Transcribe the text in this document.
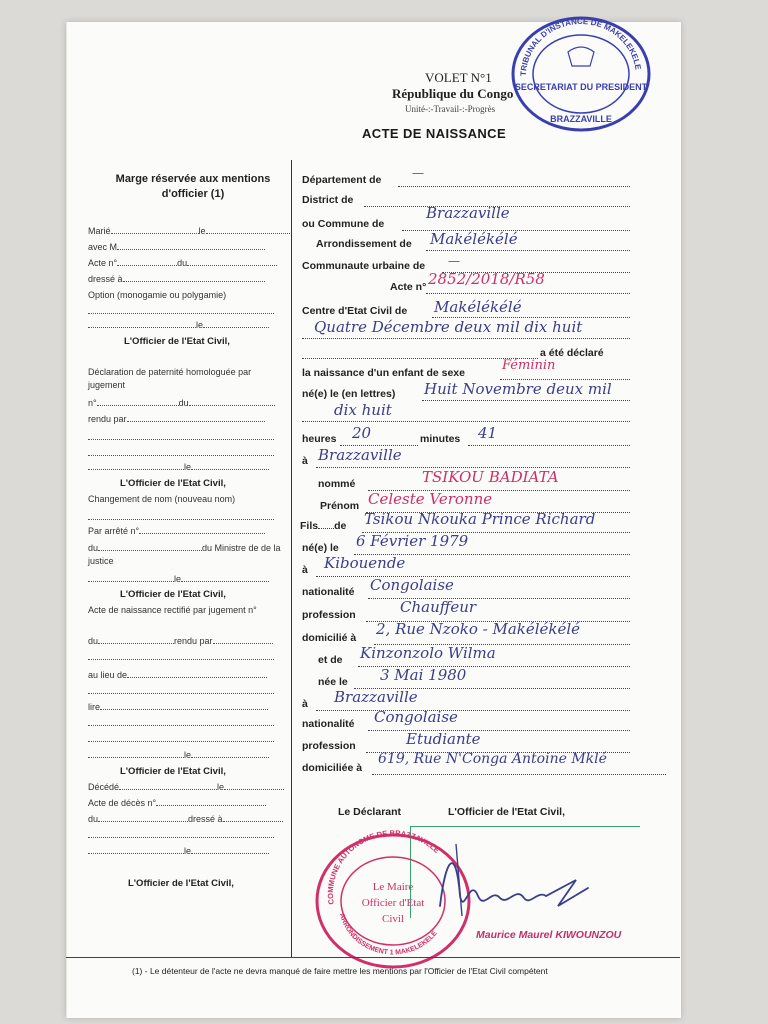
VOLET N°1
République du Congo
Unité-:-Travail-:-Progrès
ACTE DE NAISSANCE
TRIBUNAL D'INSTANCE DE MAKELEKELE
SECRETARIAT DU PRESIDENT
BRAZZAVILLE
Marge réservée aux mentions d'officier (1)
Marié	le
avec M
Acte n°	du
dressé à
Option (monogamie ou polygamie)
le
L'Officier de l'Etat Civil,
Déclaration de paternité homologuée par jugement
n°	du
rendu par
le
L'Officier de l'Etat Civil,
Changement de nom (nouveau nom)
Par arrêté n°
du	du Ministre de de la justice
le
L'Officier de l'Etat Civil,
Acte de naissance rectifié par jugement n°
du	rendu par
au lieu de
lire
le
L'Officier de l'Etat Civil,
Décédé	le
Acte de décès n°
du	dressé à
le
L'Officier de l'Etat Civil,
Département de	—
District de
ou Commune de
Brazzaville
Arrondissement de Makélékélé
Communaute urbaine de —
Acte n° 2852/2018/R58
Centre d'Etat Civil de Makélékélé
Quatre Décembre deux mil dix huit
a été déclaré
la naissance d'un enfant de sexe	Féminin
né(e) le (en lettres) Huit Novembre deux mil
dix huit
heures 20	minutes 41
à Brazzaville
nommé	TSIKOU BADIATA
Prénom Celeste Veronne
Fils de Tsikou Nkouka Prince Richard
né(e) le 6 Février 1979
à Kibouende
nationalité Congolaise
profession	Chauffeur
domicilié à 2, Rue Nzoko - Makélékélé
et de Kinzonzolo Wilma
née le 3 Mai 1980
à Brazzaville
nationalité Congolaise
profession	Etudiante
domiciliée à
619, Rue N'Conga Antoine Mklé
Le Déclarant	L'Officier de l'Etat Civil,
COMMUNE AUTONOME DE BRAZZAVILLE
ARRONDISSEMENT 1 MAKELEKELE
Le Maire
Officier d'Etat
Civil
Maurice Maurel KIWOUNZOU
(1) - Le détenteur de l'acte ne devra manqué de faire mettre les mentions par l'Officier de l'Etat Civil compétent
